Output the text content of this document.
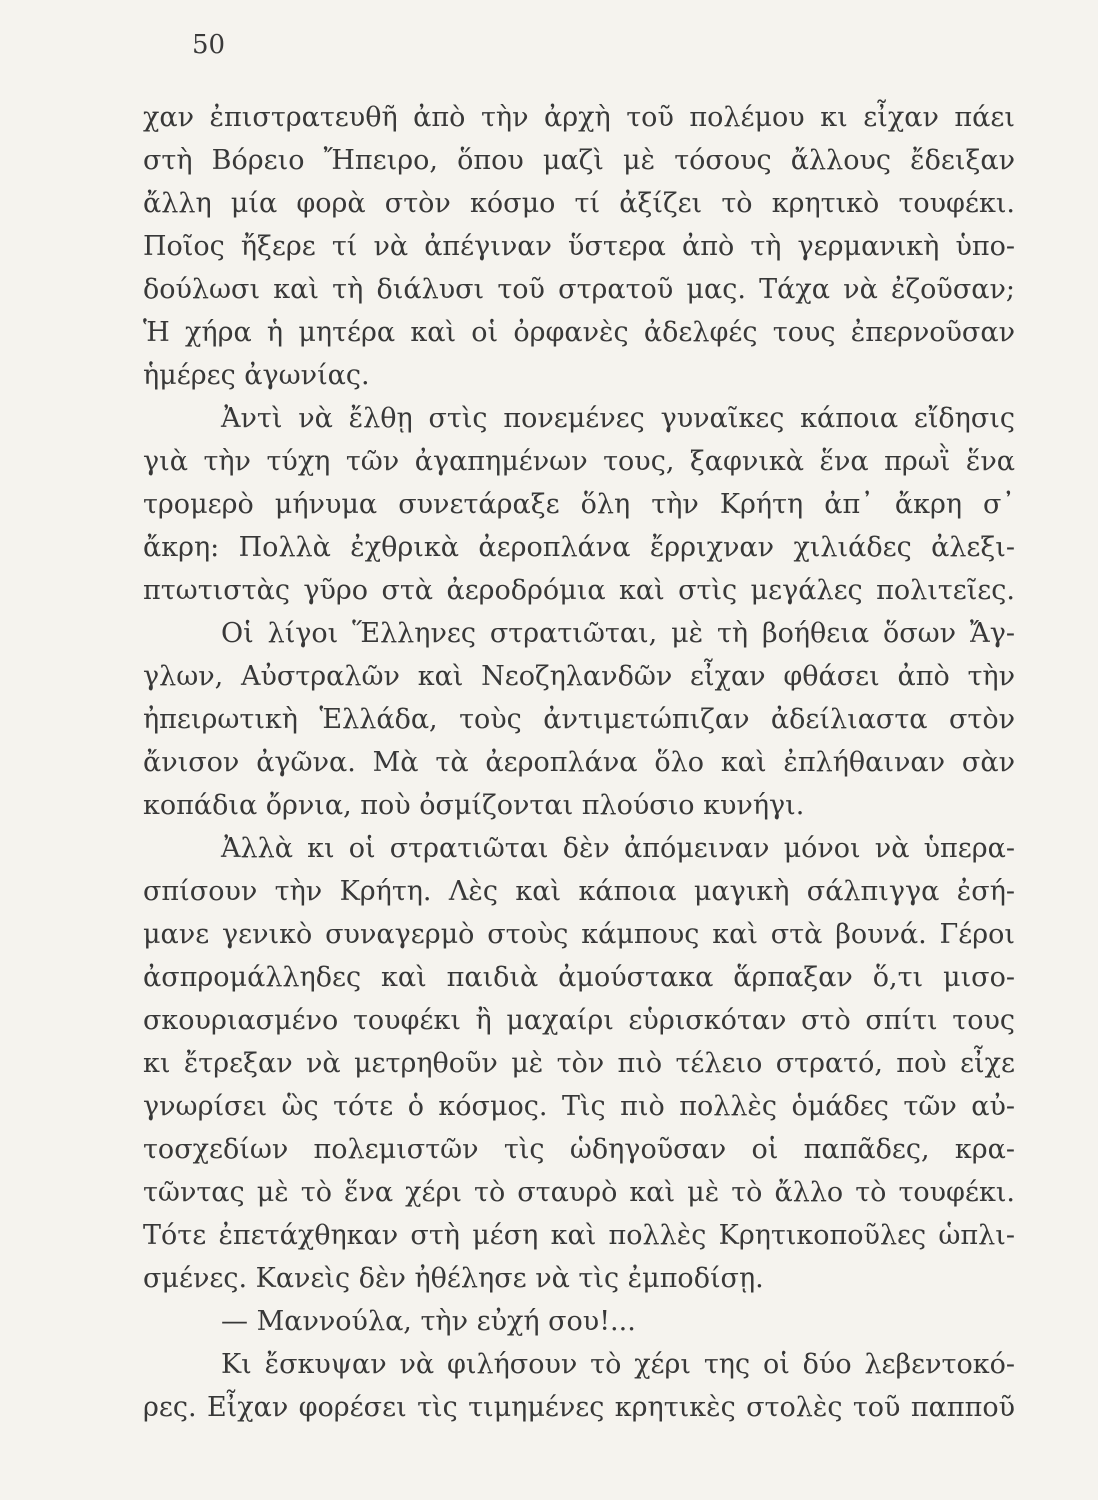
50
χαν ἐπιστρατευθῆ ἀπὸ τὴν ἀρχὴ τοῦ πολέμου κι εἶχαν πάει
στὴ Βόρειο Ἤπειρο, ὅπου μαζὶ μὲ τόσους ἄλλους ἔδειξαν
ἄλλη μία φορὰ στὸν κόσμο τί ἀξίζει τὸ κρητικὸ τουφέκι.
Ποῖος ἤξερε τί νὰ ἀπέγιναν ὕστερα ἀπὸ τὴ γερμανικὴ ὑπο-
δούλωσι καὶ τὴ διάλυσι τοῦ στρατοῦ μας. Τάχα νὰ ἐζοῦσαν;
Ἡ χήρα ἡ μητέρα καὶ οἱ ὀρφανὲς ἀδελφές τους ἐπερνοῦσαν
ἡμέρες ἀγωνίας.
Ἀντὶ νὰ ἔλθῃ στὶς πονεμένες γυναῖκες κάποια εἴδησις
γιὰ τὴν τύχη τῶν ἀγαπημένων τους, ξαφνικὰ ἕνα πρωῒ ἕνα
τρομερὸ μήνυμα συνετάραξε ὅλη τὴν Κρήτη ἀπ᾽ ἄκρη σ᾽
ἄκρη: Πολλὰ ἐχθρικὰ ἀεροπλάνα ἔρριχναν χιλιάδες ἀλεξι-
πτωτιστὰς γῦρο στὰ ἀεροδρόμια καὶ στὶς μεγάλες πολιτεῖες.
Οἱ λίγοι Ἕλληνες στρατιῶται, μὲ τὴ βοήθεια ὅσων Ἄγ-
γλων, Αὐστραλῶν καὶ Νεοζηλανδῶν εἶχαν φθάσει ἀπὸ τὴν
ἠπειρωτικὴ Ἑλλάδα, τοὺς ἀντιμετώπιζαν ἀδείλιαστα στὸν
ἄνισον ἀγῶνα. Μὰ τὰ ἀεροπλάνα ὅλο καὶ ἐπλήθαιναν σὰν
κοπάδια ὄρνια, ποὺ ὀσμίζονται πλούσιο κυνήγι.
Ἀλλὰ κι οἱ στρατιῶται δὲν ἀπόμειναν μόνοι νὰ ὑπερα-
σπίσουν τὴν Κρήτη. Λὲς καὶ κάποια μαγικὴ σάλπιγγα ἐσή-
μανε γενικὸ συναγερμὸ στοὺς κάμπους καὶ στὰ βουνά. Γέροι
ἀσπρομάλληδες καὶ παιδιὰ ἀμούστακα ἅρπαξαν ὅ,τι μισο-
σκουριασμένο τουφέκι ἢ μαχαίρι εὑρισκόταν στὸ σπίτι τους
κι ἔτρεξαν νὰ μετρηθοῦν μὲ τὸν πιὸ τέλειο στρατό, ποὺ εἶχε
γνωρίσει ὣς τότε ὁ κόσμος. Τὶς πιὸ πολλὲς ὁμάδες τῶν αὐ-
τοσχεδίων πολεμιστῶν τὶς ὡδηγοῦσαν οἱ παπᾶδες, κρα-
τῶντας μὲ τὸ ἕνα χέρι τὸ σταυρὸ καὶ μὲ τὸ ἄλλο τὸ τουφέκι.
Τότε ἐπετάχθηκαν στὴ μέση καὶ πολλὲς Κρητικοποῦλες ὡπλι-
σμένες. Κανεὶς δὲν ἠθέλησε νὰ τὶς ἐμποδίσῃ.
— Μαννούλα, τὴν εὐχή σου!...
Κι ἔσκυψαν νὰ φιλήσουν τὸ χέρι της οἱ δύο λεβεντοκό-
ρες. Εἶχαν φορέσει τὶς τιμημένες κρητικὲς στολὲς τοῦ παπποῦ
